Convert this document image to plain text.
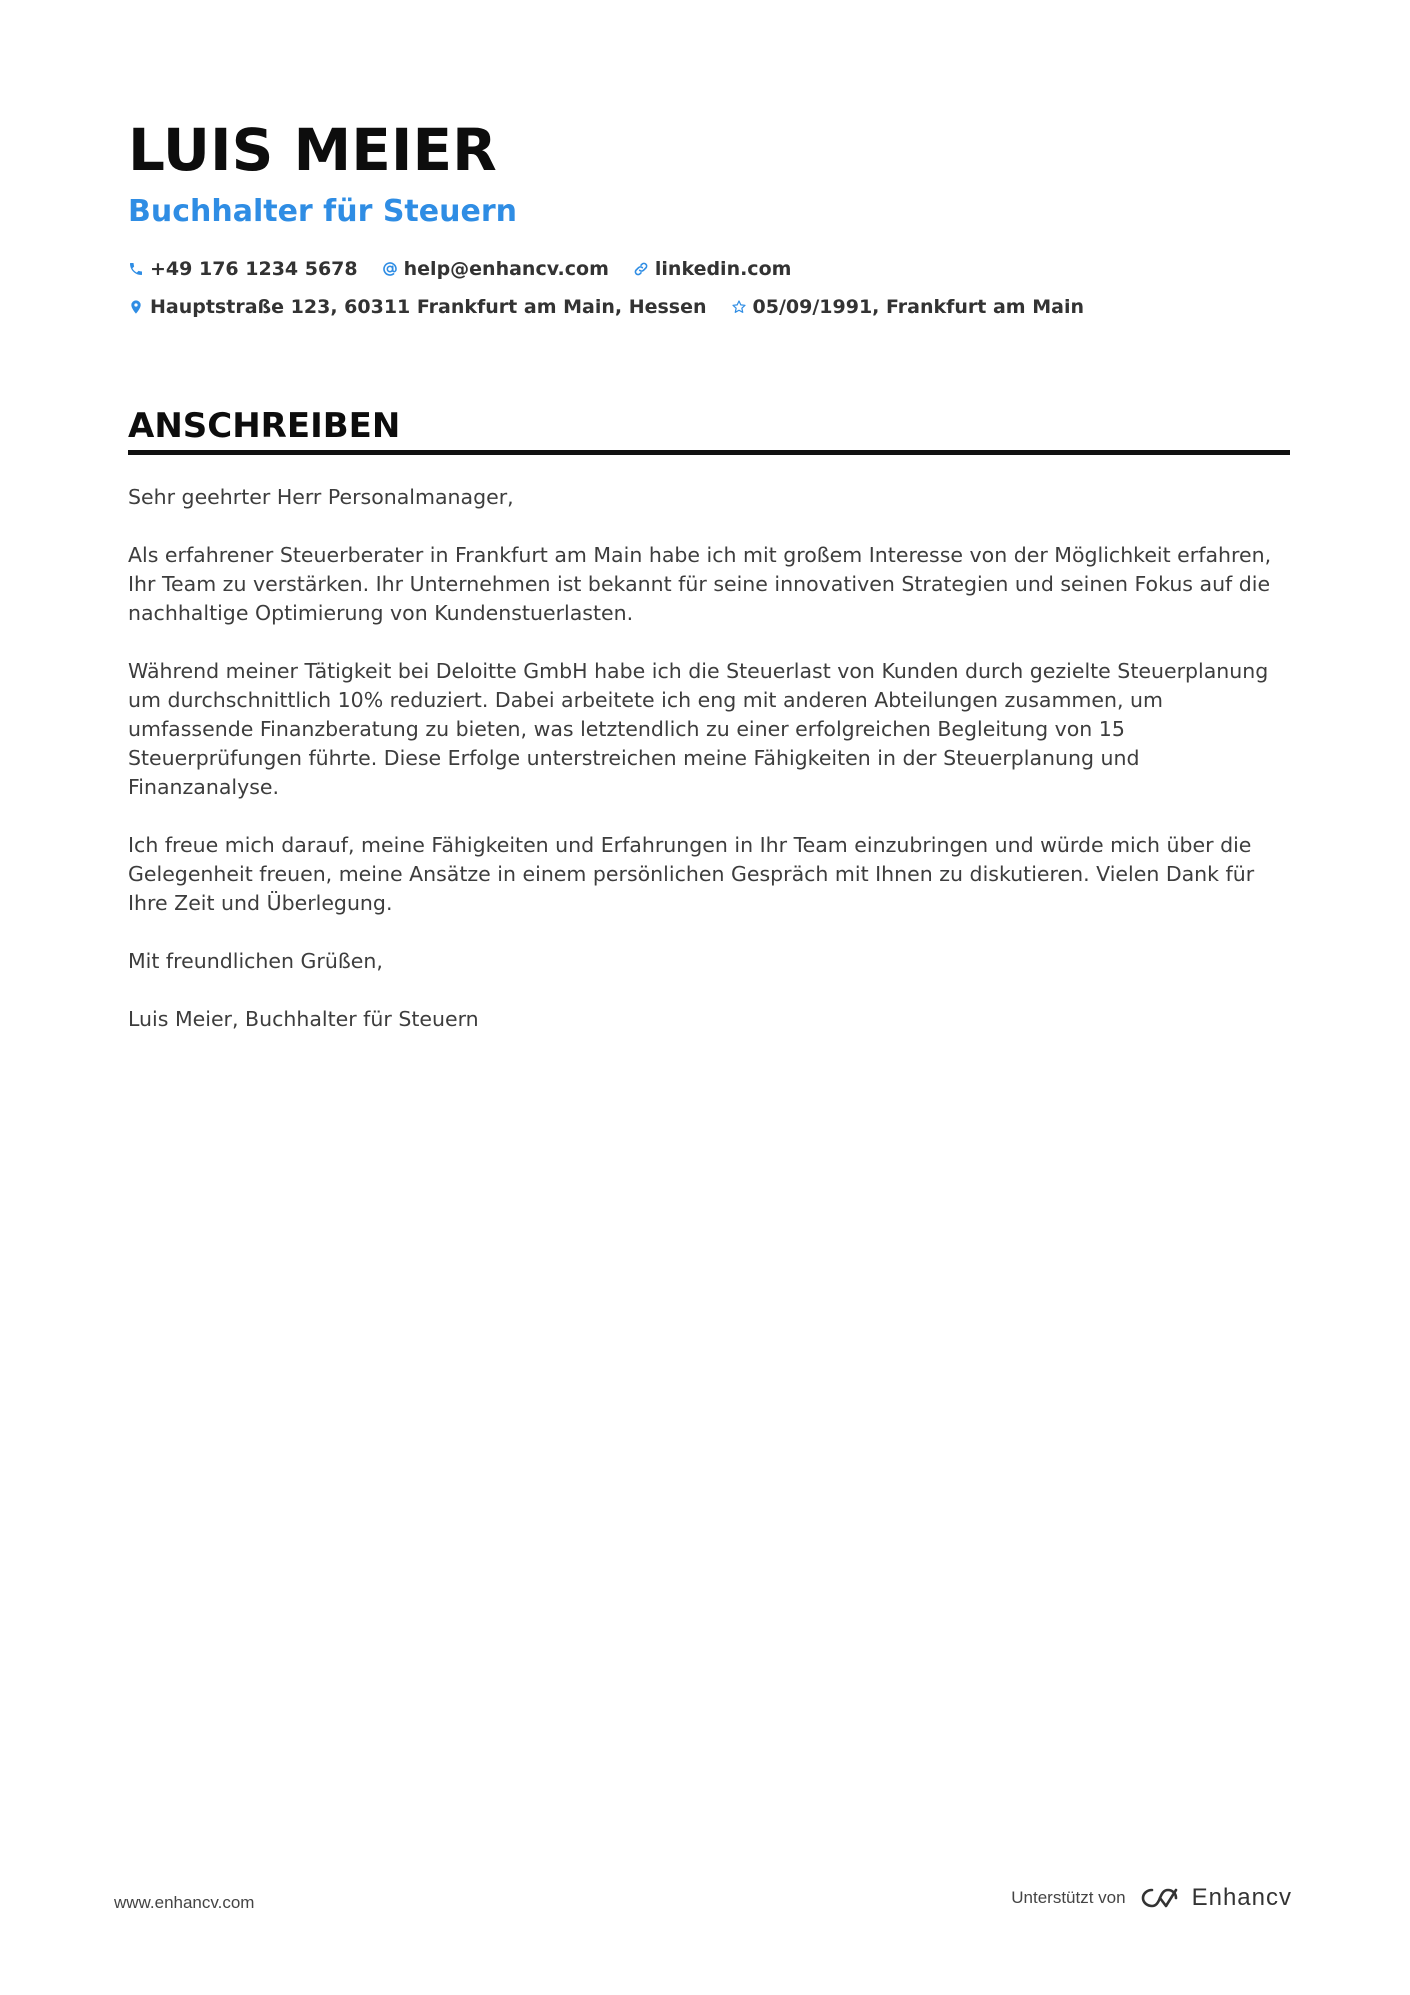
LUIS MEIER
Buchhalter für Steuern
+49 176 1234 5678 help@enhancv.com linkedin.com
Hauptstraße 123, 60311 Frankfurt am Main, Hessen 05/09/1991, Frankfurt am Main
ANSCHREIBEN

Sehr geehrter Herr Personalmanager,

Als erfahrener Steuerberater in Frankfurt am Main habe ich mit großem Interesse von der Möglichkeit erfahren, Ihr Team zu verstärken. Ihr Unternehmen ist bekannt für seine innovativen Strategien und seinen Fokus auf die nachhaltige Optimierung von Kundenstuerlasten.

Während meiner Tätigkeit bei Deloitte GmbH habe ich die Steuerlast von Kunden durch gezielte Steuerplanung um durchschnittlich 10% reduziert. Dabei arbeitete ich eng mit anderen Abteilungen zusammen, um umfassende Finanzberatung zu bieten, was letztendlich zu einer erfolgreichen Begleitung von 15 Steuerprüfungen führte. Diese Erfolge unterstreichen meine Fähigkeiten in der Steuerplanung und Finanzanalyse.

Ich freue mich darauf, meine Fähigkeiten und Erfahrungen in Ihr Team einzubringen und würde mich über die Gelegenheit freuen, meine Ansätze in einem persönlichen Gespräch mit Ihnen zu diskutieren. Vielen Dank für Ihre Zeit und Überlegung.

Mit freundlichen Grüßen,

Luis Meier, Buchhalter für Steuern

www.enhancv.com	Unterstützt von	Enhancv
